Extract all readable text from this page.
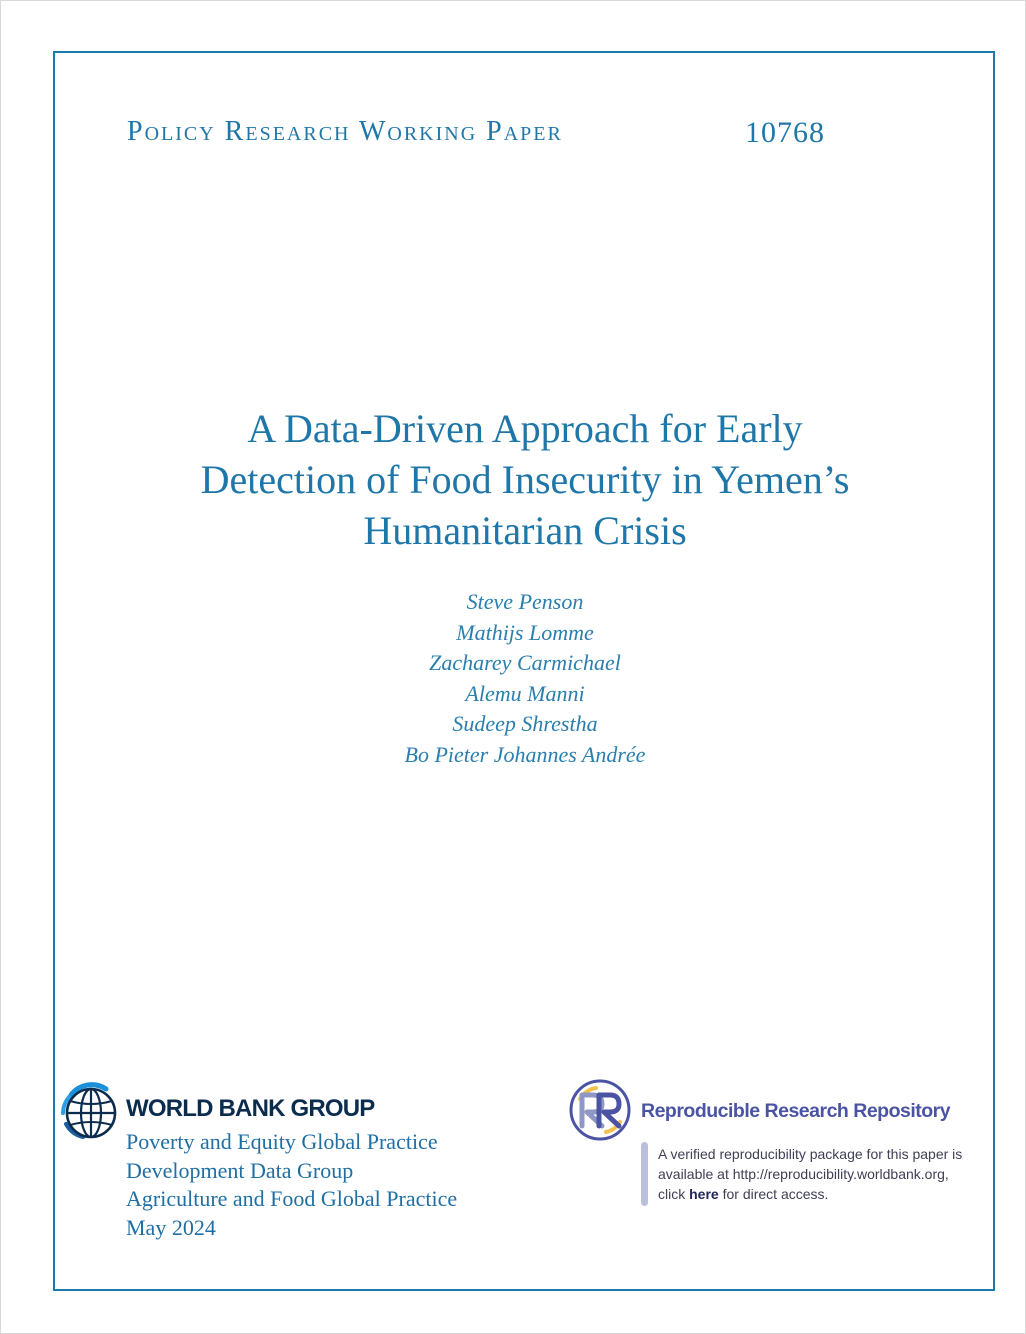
Policy Research Working Paper	10768
A Data-Driven Approach for Early
Detection of Food Insecurity in Yemen’s
Humanitarian Crisis
Steve Penson
Mathijs Lomme
Zacharey Carmichael
Alemu Manni
Sudeep Shrestha
Bo Pieter Johannes Andrée
WORLD BANK GROUP
Poverty and Equity Global Practice
Development Data Group
Agriculture and Food Global Practice
May 2024
Reproducible Research Repository
A verified reproducibility package for this paper is
available at http://reproducibility.worldbank.org,
click here for direct access.
